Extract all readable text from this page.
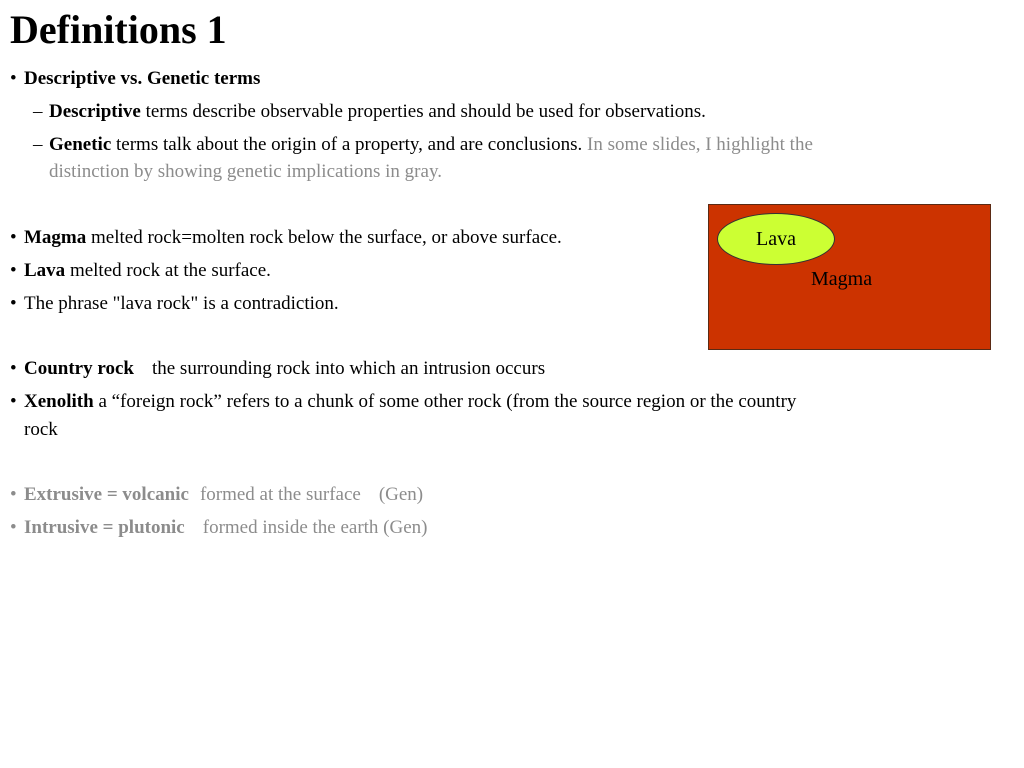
Definitions 1
• Descriptive vs. Genetic terms
– Descriptive terms describe observable properties and should be used for observations.
– Genetic terms talk about the origin of a property, and are conclusions. In some slides, I highlight the
distinction by showing genetic implications in gray.
• Magma melted rock=molten rock below the surface, or above surface.
• Lava melted rock at the surface.
• The phrase "lava rock" is a contradiction.
Lava
Magma
• Country rock the surrounding rock into which an intrusion occurs
• Xenolith a “foreign rock” refers to a chunk of some other rock (from the source region or the country
rock
• Extrusive = volcanic formed at the surface (Gen)
• Intrusive = plutonic formed inside the earth (Gen)
